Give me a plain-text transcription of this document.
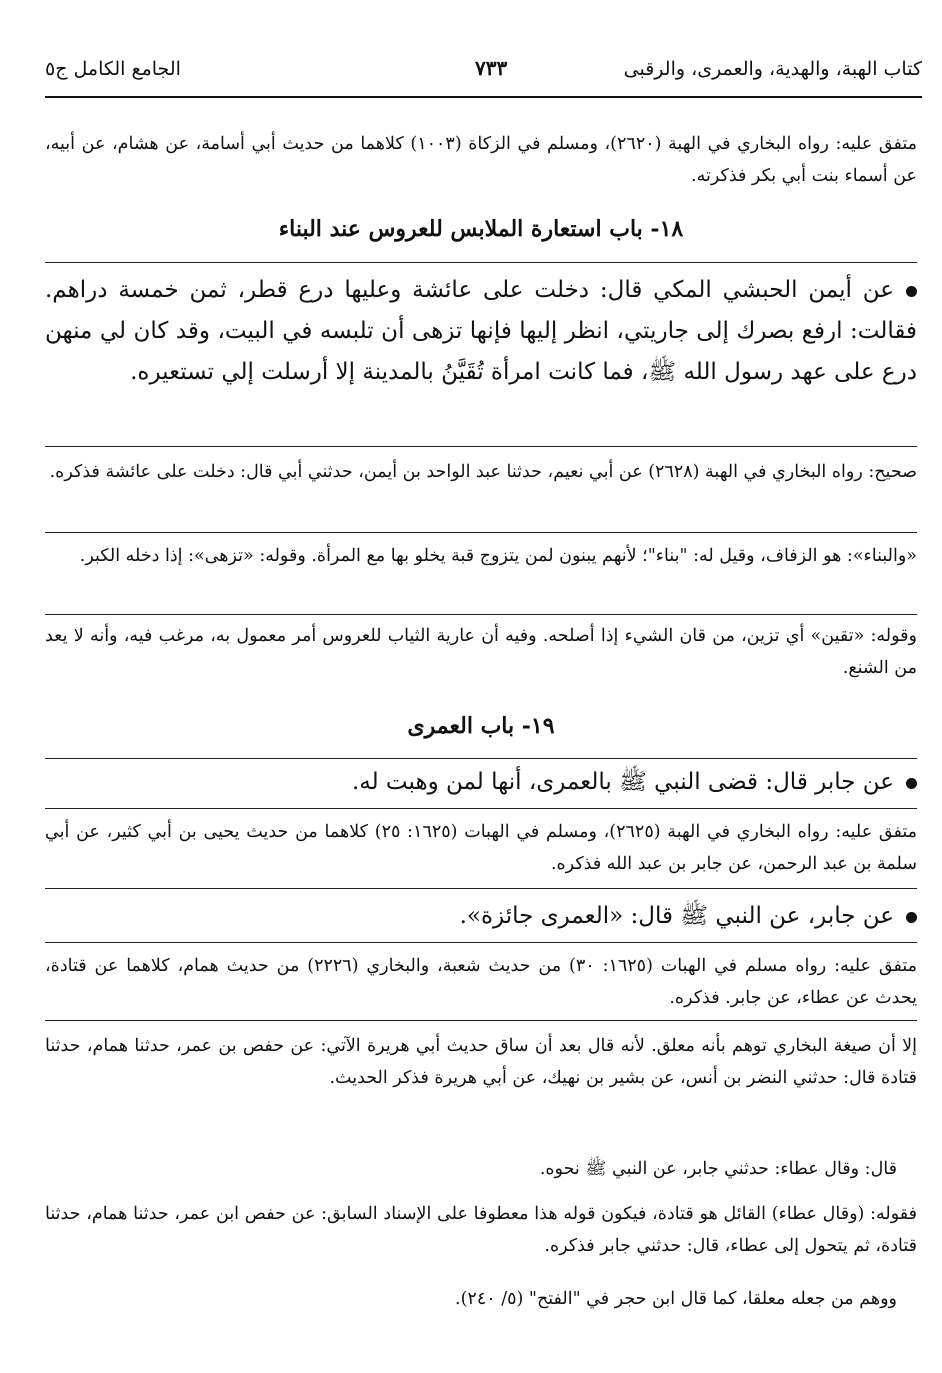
كتاب الهبة، والهدية، والعمرى، والرقبى
٧٣٣
الجامع الكامل ج٥
متفق عليه: رواه البخاري في الهبة (٢٦٢٠)، ومسلم في الزكاة (١٠٠٣) كلاهما من حديث أبي أسامة، عن هشام، عن أبيه، عن أسماء بنت أبي بكر فذكرته.
١٨- باب استعارة الملابس للعروس عند البناء
عن أيمن الحبشي المكي قال: دخلت على عائشة وعليها درع قطر، ثمن خمسة دراهم. فقالت: ارفع بصرك إلى جاريتي، انظر إليها فإنها تزهى أن تلبسه في البيت، وقد كان لي منهن درع على عهد رسول الله ﷺ، فما كانت امرأة تُقَيَّنُ بالمدينة إلا أرسلت إلي تستعيره.
صحيح: رواه البخاري في الهبة (٢٦٢٨) عن أبي نعيم، حدثنا عبد الواحد بن أيمن، حدثني أبي قال: دخلت على عائشة فذكره.
«والبناء»: هو الزفاف، وقيل له: "بناء"؛ لأنهم يبنون لمن يتزوج قبة يخلو بها مع المرأة. وقوله: «تزهى»: إذا دخله الكبر.
وقوله: «تقين» أي تزين، من قان الشيء إذا أصلحه. وفيه أن عارية الثياب للعروس أمر معمول به، مرغب فيه، وأنه لا يعد من الشنع.
١٩- باب العمرى
عن جابر قال: قضى النبي ﷺ بالعمرى، أنها لمن وهبت له.
متفق عليه: رواه البخاري في الهبة (٢٦٢٥)، ومسلم في الهبات (١٦٢٥: ٢٥) كلاهما من حديث يحيى بن أبي كثير، عن أبي سلمة بن عبد الرحمن، عن جابر بن عبد الله فذكره.
عن جابر، عن النبي ﷺ قال: «العمرى جائزة».
متفق عليه: رواه مسلم في الهبات (١٦٢٥: ٣٠) من حديث شعبة، والبخاري (٢٢٢٦) من حديث همام، كلاهما عن قتادة، يحدث عن عطاء، عن جابر. فذكره.
إلا أن صيغة البخاري توهم بأنه معلق. لأنه قال بعد أن ساق حديث أبي هريرة الآتي: عن حفص بن عمر، حدثنا همام، حدثنا قتادة قال: حدثني النضر بن أنس، عن بشير بن نهيك، عن أبي هريرة فذكر الحديث.
قال: وقال عطاء: حدثني جابر، عن النبي ﷺ نحوه.
فقوله: (وقال عطاء) القائل هو قتادة، فيكون قوله هذا معطوفا على الإسناد السابق: عن حفص ابن عمر، حدثنا همام، حدثنا قتادة، ثم يتحول إلى عطاء، قال: حدثني جابر فذكره.
ووهم من جعله معلقا، كما قال ابن حجر في "الفتح" (٥/ ٢٤٠).
